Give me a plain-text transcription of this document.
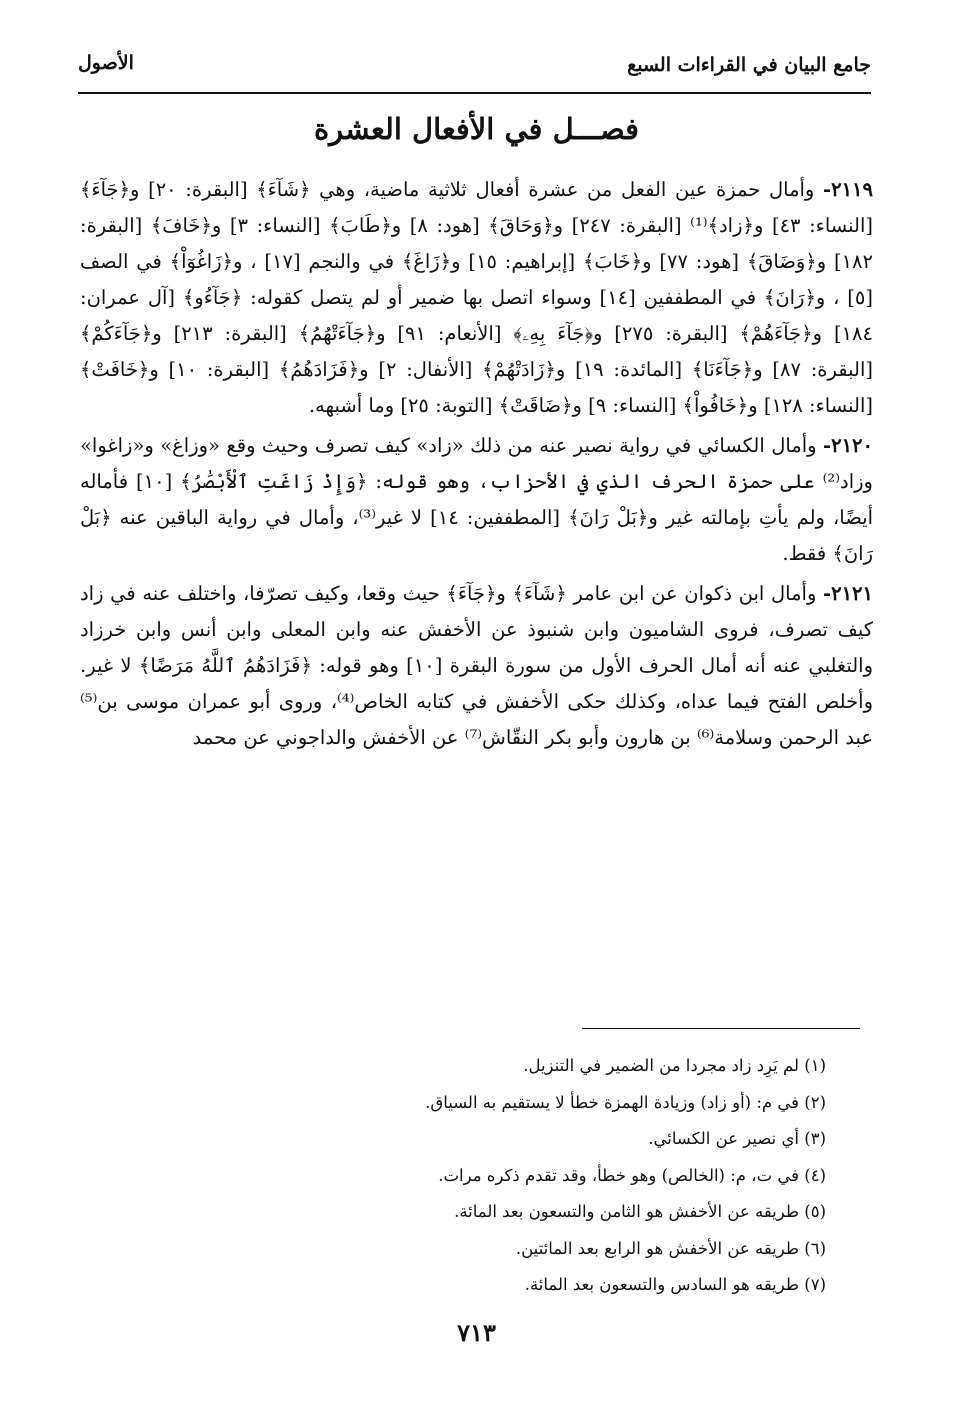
جامع البيان في القراءات السبع
الأصول
فصـــل في الأفعال العشرة

٢١١٩- وأمال حمزة عين الفعل من عشرة أفعال ثلاثية ماضية، وهي ﴿شَآءَ﴾ [البقرة: ٢٠] و﴿جَآءَ﴾ [النساء: ٤٣] و﴿زاد﴾⁽¹⁾ [البقرة: ٢٤٧] و﴿وَحَاقَ﴾ [هود: ٨] و﴿طَابَ﴾ [النساء: ٣] و﴿خَافَ﴾ [البقرة: ١٨٢] و﴿وَضَاقَ﴾ [هود: ٧٧] و﴿خَابَ﴾ [إبراهيم: ١٥] و﴿زَاغَ﴾ في والنجم [١٧] ، و﴿زَاغُوٓاْ﴾ في الصف [٥] ، و﴿رَانَ﴾ في المطففين [١٤] وسواء اتصل بها ضمير أو لم يتصل كقوله: ﴿جَآءُو﴾ [آل عمران: ١٨٤] و﴿جَآءَهُمْ﴾ [البقرة: ٢٧٥] و﴿جَآءَ بِهِۦ﴾ [الأنعام: ٩١] و﴿جَآءَتْهُمُ﴾ [البقرة: ٢١٣] و﴿جَآءَكُمْ﴾ [البقرة: ٨٧] و﴿جَآءَنَا﴾ [المائدة: ١٩] و﴿زَادَتْهُمْ﴾ [الأنفال: ٢] و﴿فَزَادَهُمُ﴾ [البقرة: ١٠] و﴿خَافَتْ﴾ [النساء: ١٢٨] و﴿خَافُواْ﴾ [النساء: ٩] و﴿ضَاقَتْ﴾ [التوبة: ٢٥] وما أشبهه.

٢١٢٠- وأمال الكسائي في رواية نصير عنه من ذلك «زاد» كيف تصرف وحيث وقع «وزاغ» و«زاغوا» وزاد⁽²⁾ على حمزة الحرف الذي في الأحزاب، وهو قوله: ﴿وَإِذْ زَاغَتِ ٱلْأَبْصَٰرُ﴾ [١٠] فأماله أيضًا، ولم يأتِ بإمالته غير و﴿بَلْ رَانَ﴾ [المطففين: ١٤] لا غير⁽³⁾، وأمال في رواية الباقين عنه ﴿بَلْ رَانَ﴾ فقط.

٢١٢١- وأمال ابن ذكوان عن ابن عامر ﴿شَآءَ﴾ و﴿جَآءَ﴾ حيث وقعا، وكيف تصرّفا، واختلف عنه في زاد كيف تصرف، فروى الشاميون وابن شنبوذ عن الأخفش عنه وابن المعلى وابن أنس وابن خرزاد والتغلبي عنه أنه أمال الحرف الأول من سورة البقرة [١٠] وهو قوله: ﴿فَزَادَهُمُ ٱللَّهُ مَرَضًا﴾ لا غير. وأخلص الفتح فيما عداه، وكذلك حكى الأخفش في كتابه الخاص⁽⁴⁾، وروى أبو عمران موسى بن⁽⁵⁾ عبد الرحمن وسلامة⁽⁶⁾ بن هارون وأبو بكر النقّاش⁽⁷⁾ عن الأخفش والداجوني عن محمد

(١) لم يَرِد زاد مجردا من الضمير في التنزيل.
(٢) في م: (أو زاد) وزيادة الهمزة خطأ لا يستقيم به السياق.
(٣) أي نصير عن الكسائي.
(٤) في ت، م: (الخالص) وهو خطأ، وقد تقدم ذكره مرات.
(٥) طريقه عن الأخفش هو الثامن والتسعون بعد المائة.
(٦) طريقه عن الأخفش هو الرابع بعد المائتين.
(٧) طريقه هو السادس والتسعون بعد المائة.
٧١٣
